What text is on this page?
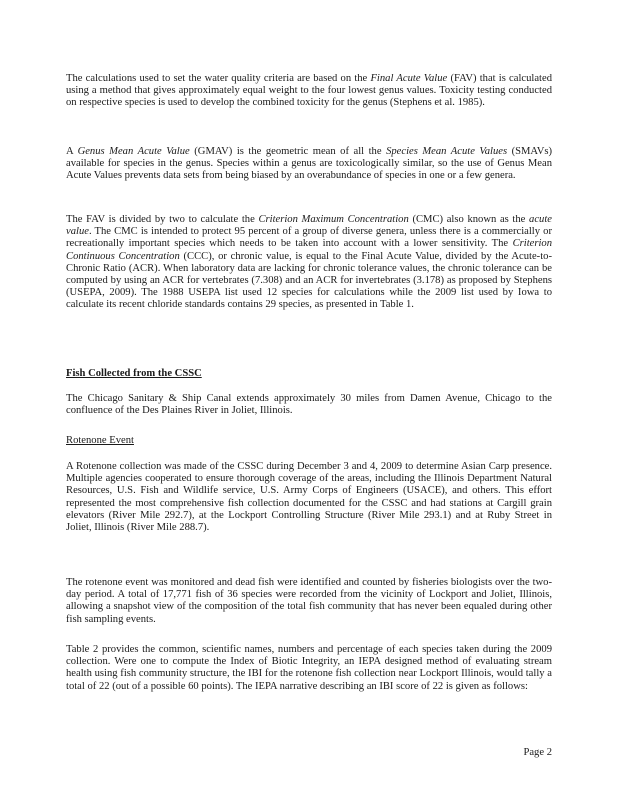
The calculations used to set the water quality criteria are based on the Final Acute Value (FAV) that is calculated using a method that gives approximately equal weight to the four lowest genus values. Toxicity testing conducted on respective species is used to develop the combined toxicity for the genus (Stephens et al. 1985).

A Genus Mean Acute Value (GMAV) is the geometric mean of all the Species Mean Acute Values (SMAVs) available for species in the genus. Species within a genus are toxicologically similar, so the use of Genus Mean Acute Values prevents data sets from being biased by an overabundance of species in one or a few genera.

The FAV is divided by two to calculate the Criterion Maximum Concentration (CMC) also known as the acute value. The CMC is intended to protect 95 percent of a group of diverse genera, unless there is a commercially or recreationally important species which needs to be taken into account with a lower sensitivity. The Criterion Continuous Concentration (CCC), or chronic value, is equal to the Final Acute Value, divided by the Acute-to-Chronic Ratio (ACR). When laboratory data are lacking for chronic tolerance values, the chronic tolerance can be computed by using an ACR for vertebrates (7.308) and an ACR for invertebrates (3.178) as proposed by Stephens (USEPA, 2009). The 1988 USEPA list used 12 species for calculations while the 2009 list used by Iowa to calculate its recent chloride standards contains 29 species, as presented in Table 1.

Fish Collected from the CSSC

The Chicago Sanitary & Ship Canal extends approximately 30 miles from Damen Avenue, Chicago to the confluence of the Des Plaines River in Joliet, Illinois.

Rotenone Event

A Rotenone collection was made of the CSSC during December 3 and 4, 2009 to determine Asian Carp presence. Multiple agencies cooperated to ensure thorough coverage of the areas, including the Illinois Department Natural Resources, U.S. Fish and Wildlife service, U.S. Army Corps of Engineers (USACE), and others. This effort represented the most comprehensive fish collection documented for the CSSC and had stations at Cargill grain elevators (River Mile 292.7), at the Lockport Controlling Structure (River Mile 293.1) and at Ruby Street in Joliet, Illinois (River Mile 288.7).

The rotenone event was monitored and dead fish were identified and counted by fisheries biologists over the two-day period. A total of 17,771 fish of 36 species were recorded from the vicinity of Lockport and Joliet, Illinois, allowing a snapshot view of the composition of the total fish community that has never been equaled during other fish sampling events.

Table 2 provides the common, scientific names, numbers and percentage of each species taken during the 2009 collection. Were one to compute the Index of Biotic Integrity, an IEPA designed method of evaluating stream health using fish community structure, the IBI for the rotenone fish collection near Lockport Illinois, would tally a total of 22 (out of a possible 60 points). The IEPA narrative describing an IBI score of 22 is given as follows:

Page 2
